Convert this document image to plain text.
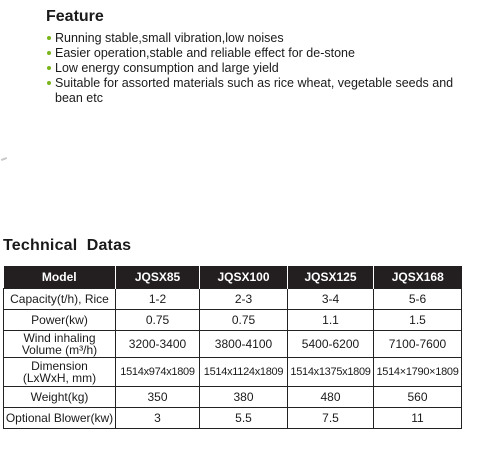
Feature
Running stable,small vibration,low noises
Easier operation,stable and reliable effect for de-stone
Low energy consumption and large yield
Suitable for assorted materials such as rice wheat, vegetable seeds and bean etc
Technical  Datas
Model	JQSX85	JQSX100	JQSX125	JQSX168
Capacity(t/h), Rice	1-2	2-3	3-4	5-6
Power(kw)	0.75	0.75	1.1	1.5
Wind inhaling
Volume (m³/h)	3200-3400	3800-4100	5400-6200	7100-7600
Dimension
(LxWxH, mm)	1514x974x1809	1514x1124x1809	1514x1375x1809	1514×1790×1809
Weight(kg)	350	380	480	560
Optional Blower(kw)	3	5.5	7.5	11
